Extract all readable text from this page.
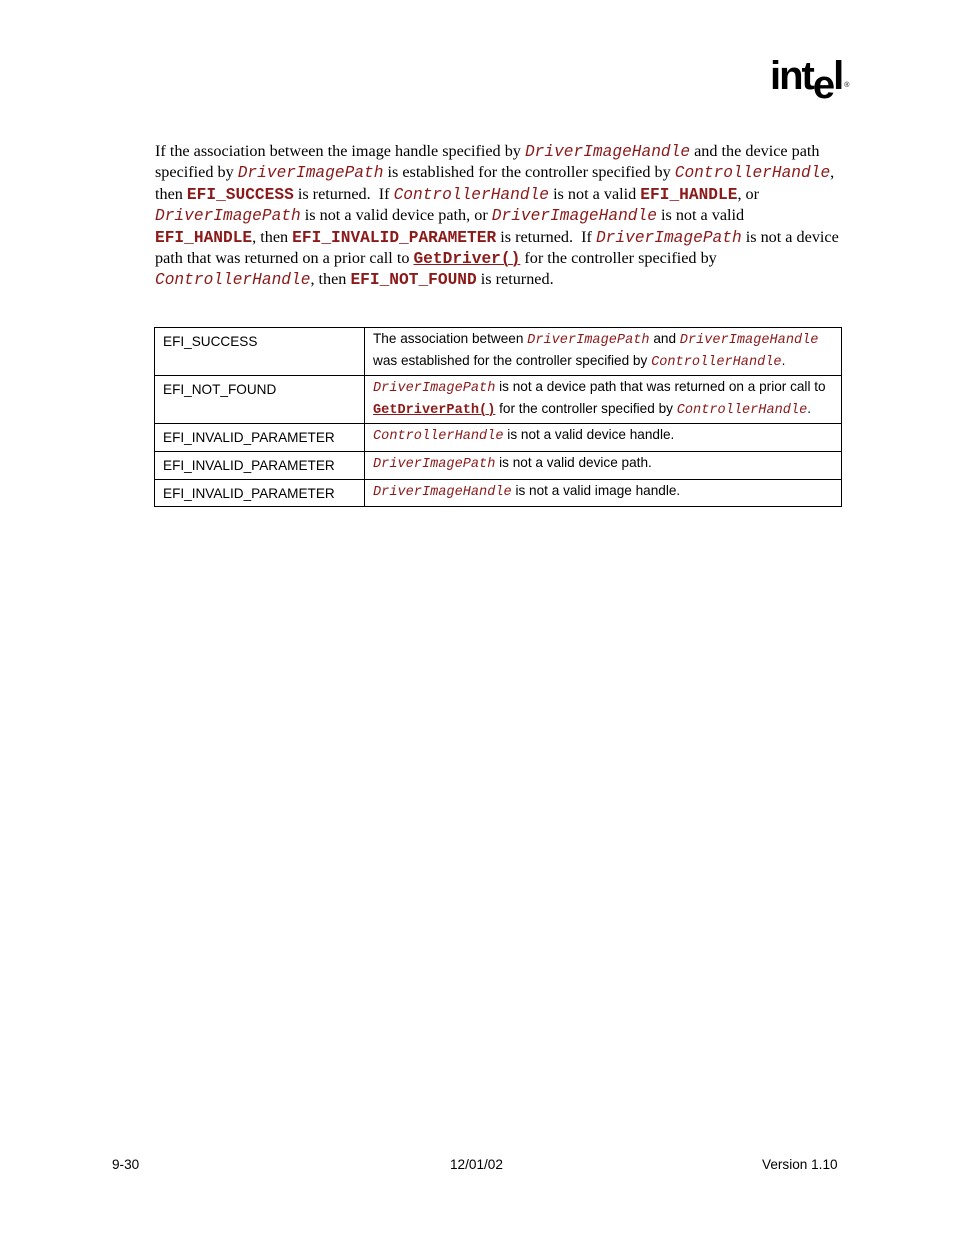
intel ®
If the association between the image handle specified by DriverImageHandle and the device path specified by DriverImagePath is established for the controller specified by ControllerHandle, then EFI_SUCCESS is returned.  If ControllerHandle is not a valid EFI_HANDLE, or DriverImagePath is not a valid device path, or DriverImageHandle is not a valid EFI_HANDLE, then EFI_INVALID_PARAMETER is returned.  If DriverImagePath is not a device path that was returned on a prior call to GetDriver() for the controller specified by ControllerHandle, then EFI_NOT_FOUND is returned.
EFI_SUCCESS	The association between DriverImagePath and DriverImageHandle was established for the controller specified by ControllerHandle.
EFI_NOT_FOUND	DriverImagePath is not a device path that was returned on a prior call to GetDriverPath() for the controller specified by ControllerHandle.
EFI_INVALID_PARAMETER	ControllerHandle is not a valid device handle.
EFI_INVALID_PARAMETER	DriverImagePath is not a valid device path.
EFI_INVALID_PARAMETER	DriverImageHandle is not a valid image handle.
9-30	12/01/02	Version 1.10
